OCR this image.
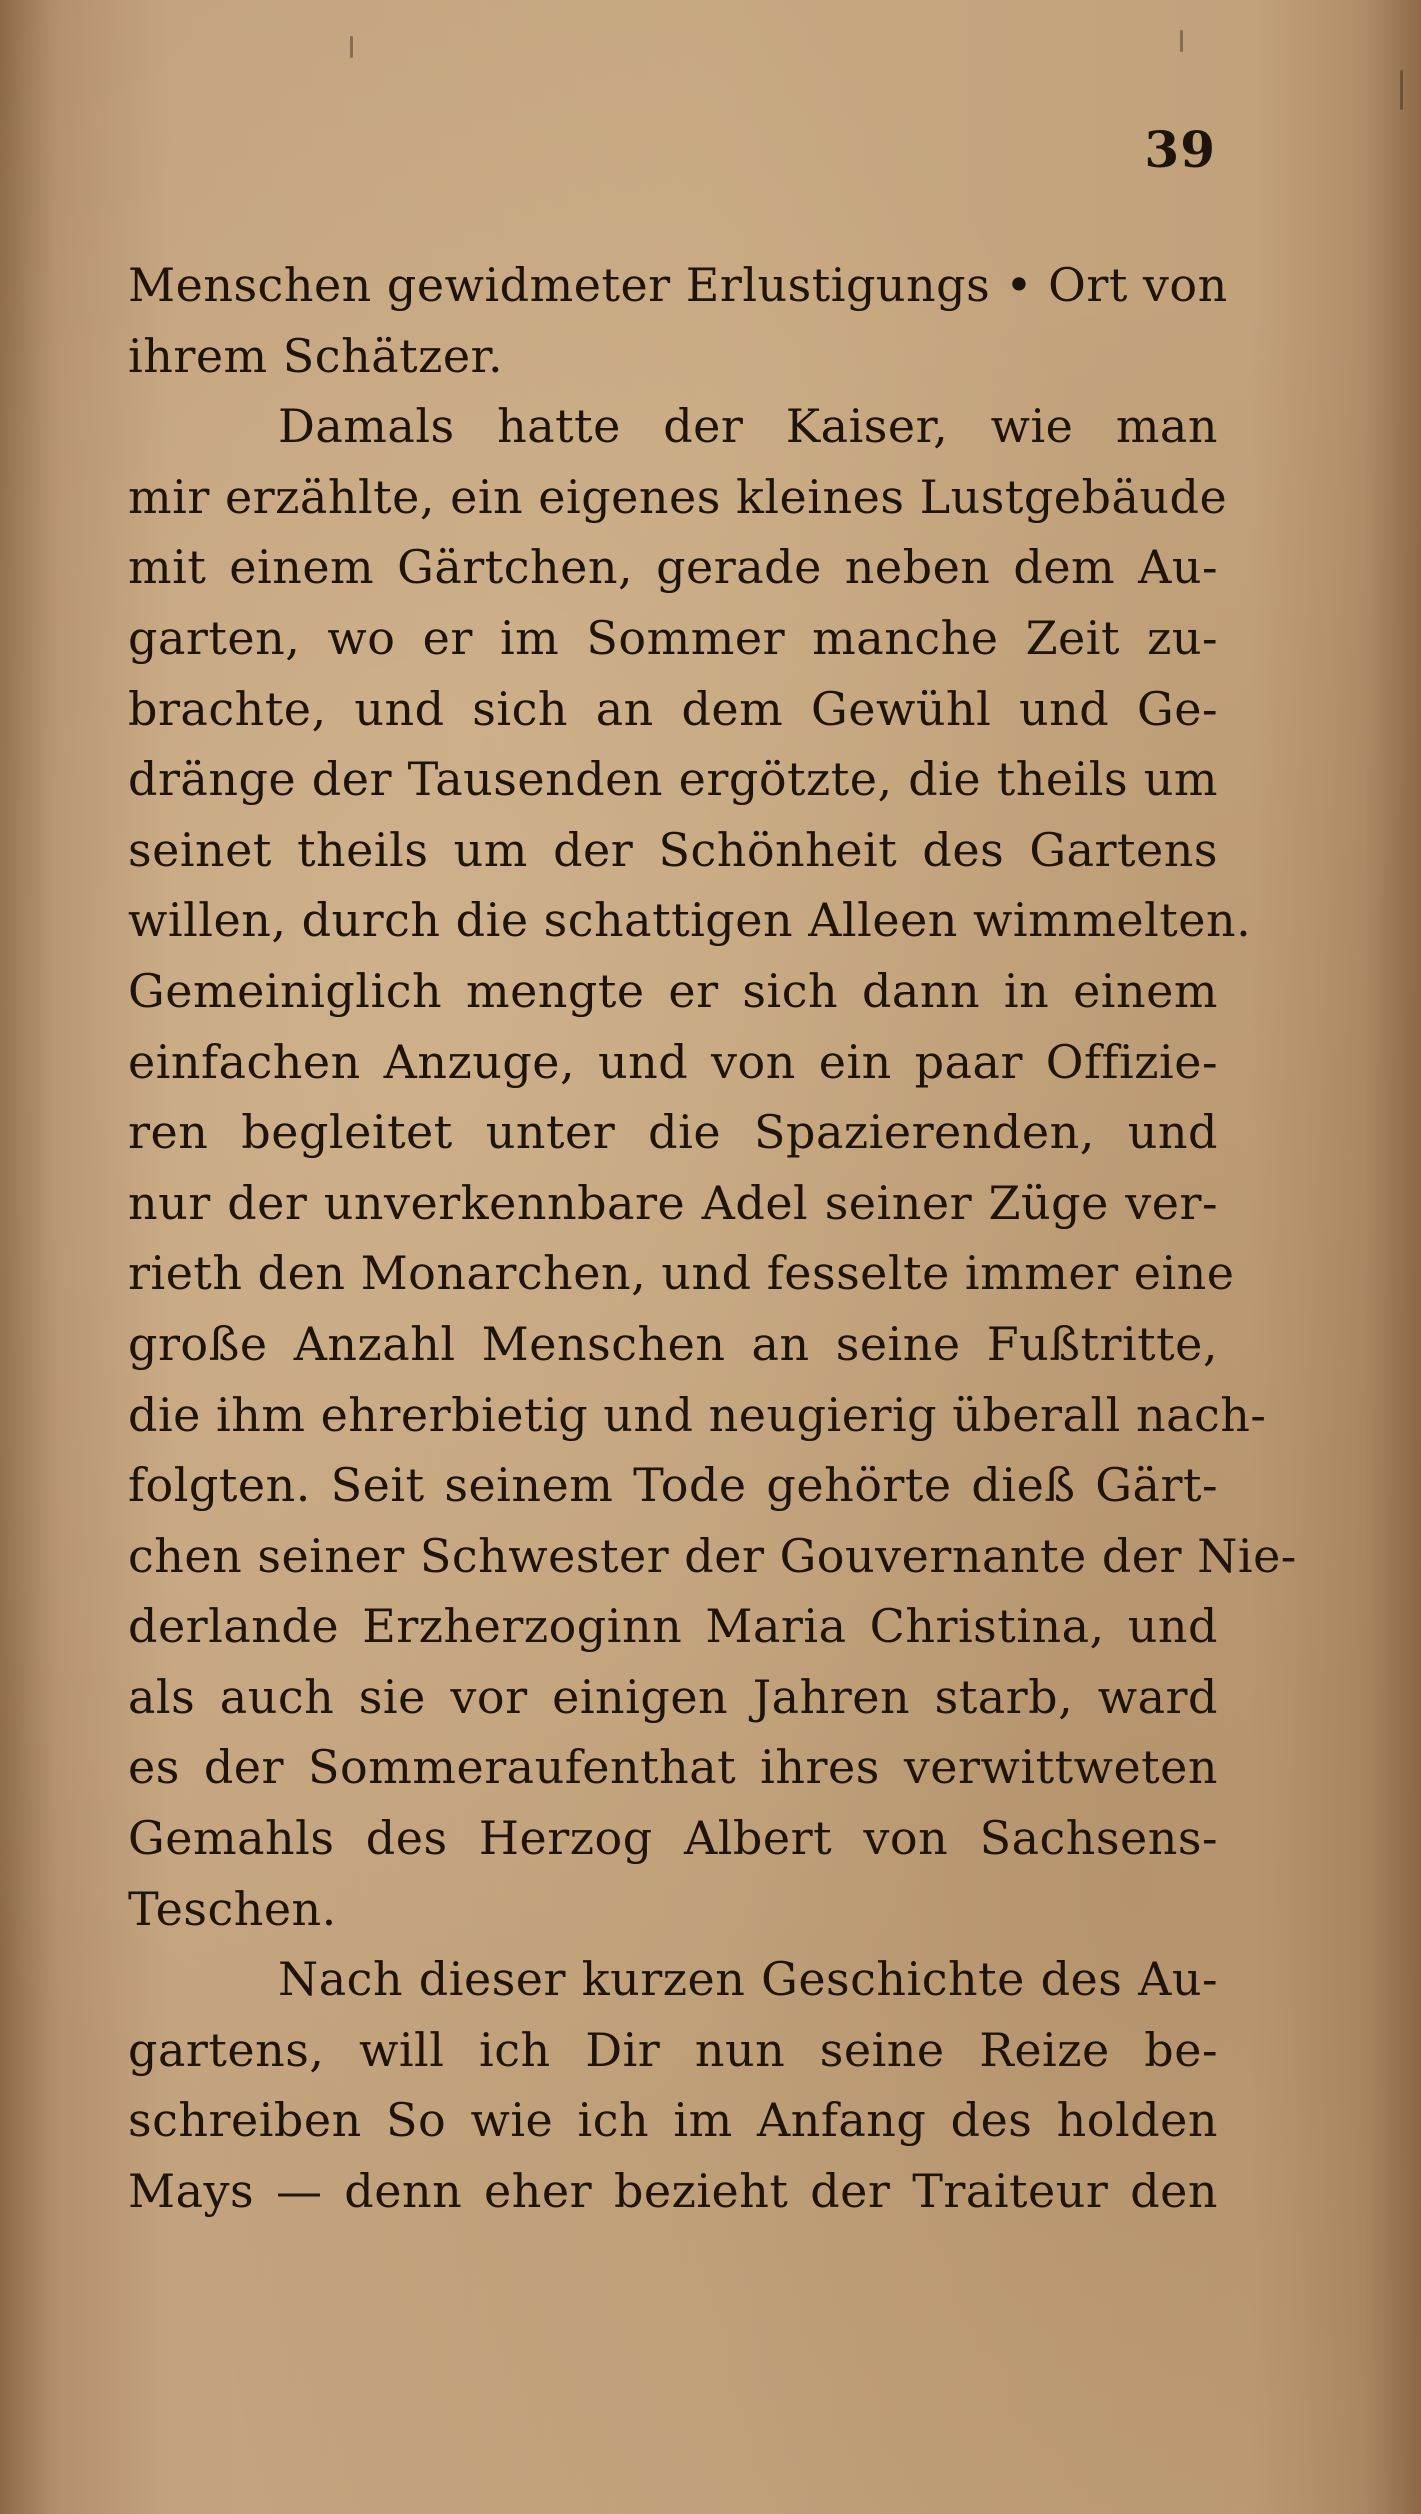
39
Menschen gewidmeter Erlustigungs • Ort von
ihrem Schätzer.
Damals hatte der Kaiser, wie man
mir erzählte, ein eigenes kleines Lustgebäude
mit einem Gärtchen, gerade neben dem Au-
garten, wo er im Sommer manche Zeit zu-
brachte, und sich an dem Gewühl und Ge-
dränge der Tausenden ergötzte, die theils um
seinet theils um der Schönheit des Gartens
willen, durch die schattigen Alleen wimmelten.
Gemeiniglich mengte er sich dann in einem
einfachen Anzuge, und von ein paar Offizie-
ren begleitet unter die Spazierenden, und
nur der unverkennbare Adel seiner Züge ver-
rieth den Monarchen, und fesselte immer eine
große Anzahl Menschen an seine Fußtritte,
die ihm ehrerbietig und neugierig überall nach-
folgten. Seit seinem Tode gehörte dieß Gärt-
chen seiner Schwester der Gouvernante der Nie-
derlande Erzherzoginn Maria Christina, und
als auch sie vor einigen Jahren starb, ward
es der Sommeraufenthat ihres verwittweten
Gemahls des Herzog Albert von Sachsens-
Teschen.
Nach dieser kurzen Geschichte des Au-
gartens, will ich Dir nun seine Reize be-
schreiben So wie ich im Anfang des holden
Mays — denn eher bezieht der Traiteur den
